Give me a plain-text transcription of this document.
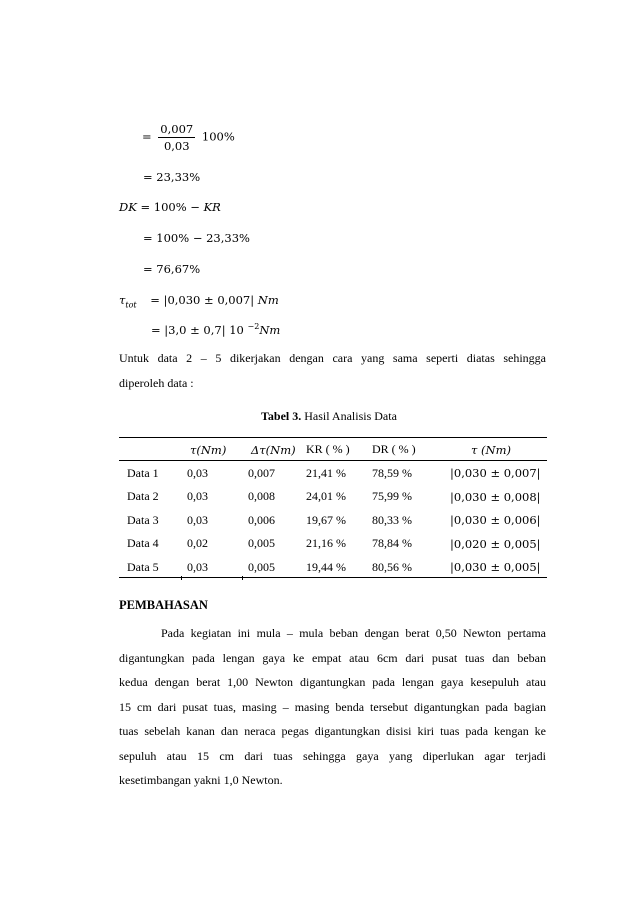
= $\frac{0,007}{0,03} 100\%$
= 23,33%
DK = 100% − KR
= 100% − 23,33%
= 76,67%
$\tau_{tot} = |0,030 \pm 0,007|$ Nm
= |3,0 ± 0,7| 10 $^{-2}$Nm
Untuk data 2 – 5 dikerjakan dengan cara yang sama seperti diatas sehingga
diperoleh data :
Tabel 3. Hasil Analisis Data
	τ(Nm)	Δτ(Nm)	KR ( % )	DR ( % )	τ (Nm)
Data 1	0,03	0,007	21,41 %	78,59 %	|0,030 ± 0,007|
Data 2	0,03	0,008	24,01 %	75,99 %	|0,030 ± 0,008|
Data 3	0,03	0,006	19,67 %	80,33 %	|0,030 ± 0,006|
Data 4	0,02	0,005	21,16 %	78,84 %	|0,020 ± 0,005|
Data 5	0,03	0,005	19,44 %	80,56 %	|0,030 ± 0,005|
PEMBAHASAN
Pada kegiatan ini mula – mula beban dengan berat 0,50 Newton pertama
digantungkan pada lengan gaya ke empat atau 6cm dari pusat tuas dan beban
kedua dengan berat 1,00 Newton digantungkan pada lengan gaya kesepuluh atau
15 cm dari pusat tuas, masing – masing benda tersebut digantungkan pada bagian
tuas sebelah kanan dan neraca pegas digantungkan disisi kiri tuas pada kengan ke
sepuluh atau 15 cm dari tuas sehingga gaya yang diperlukan agar terjadi
kesetimbangan yakni 1,0 Newton.
